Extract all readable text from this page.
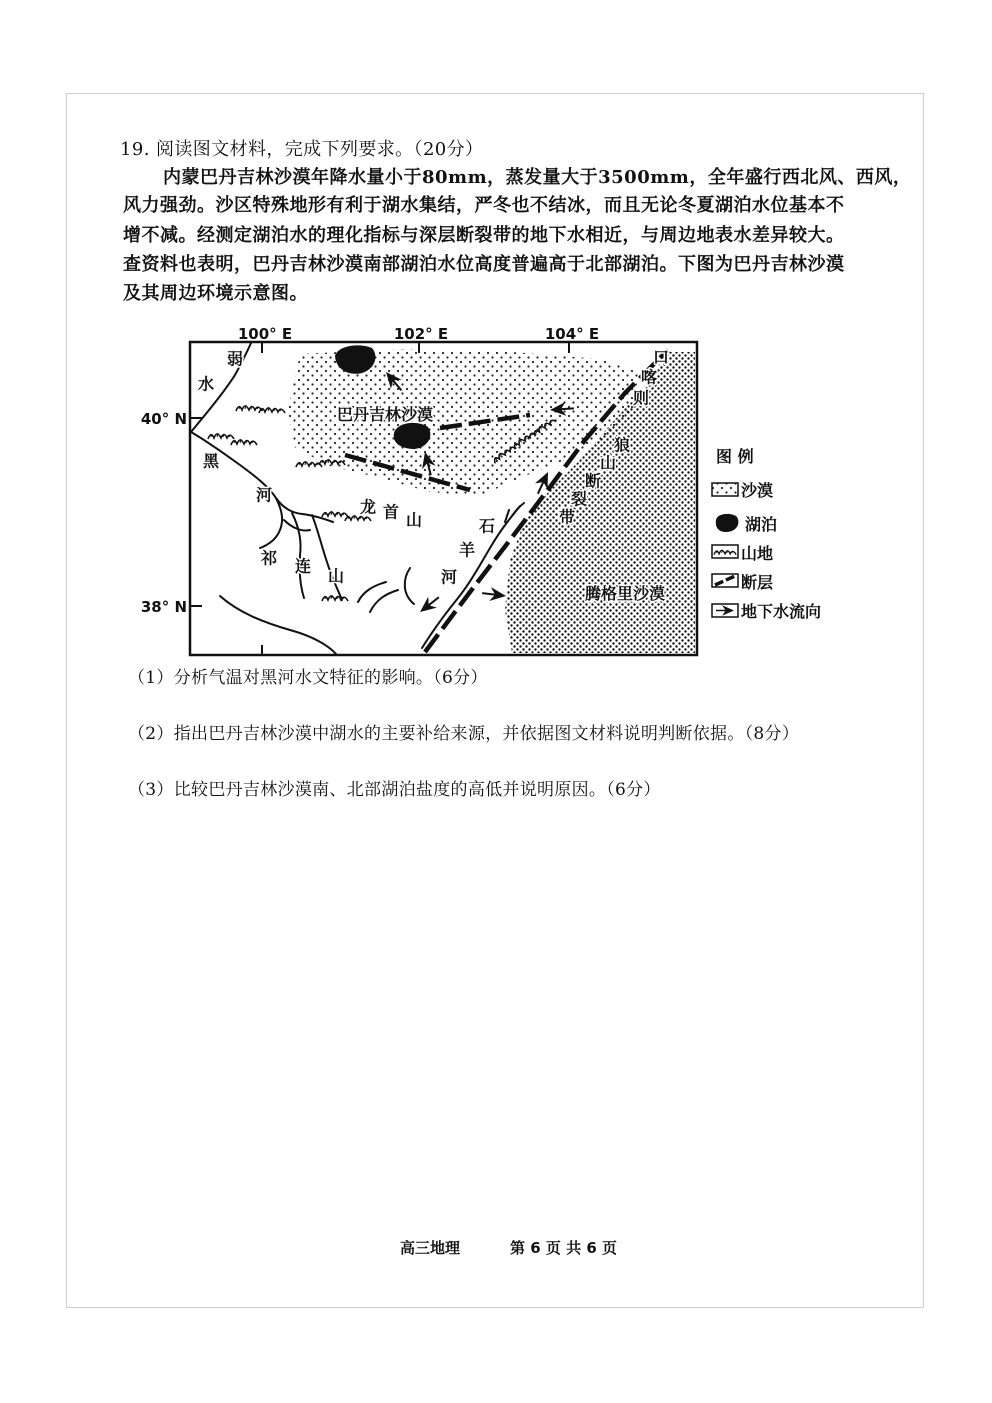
19. 阅读图文材料，完成下列要求。（20分）
内蒙巴丹吉林沙漠年降水量小于80mm，蒸发量大于3500mm，全年盛行西北风、西风，
风力强劲。沙区特殊地形有利于湖水集结，严冬也不结冰，而且无论冬夏湖泊水位基本不
增不减。经测定湖泊水的理化指标与深层断裂带的地下水相近，与周边地表水差异较大。
查资料也表明，巴丹吉林沙漠南部湖泊水位高度普遍高于北部湖泊。下图为巴丹吉林沙漠
及其周边环境示意图。
100° E	102° E	104° E
40° N
38° N
弱
水
黑
河
祁 连
山
龙 首 山	石
羊
河
巴丹吉林沙漠
狼
山
断
裂
带
口
喀
则
腾格里沙漠
图 例
沙漠
湖泊
山地
断层
地下水流向
（1）分析气温对黑河水文特征的影响。（6分）
（2）指出巴丹吉林沙漠中湖水的主要补给来源，并依据图文材料说明判断依据。（8分）
（3）比较巴丹吉林沙漠南、北部湖泊盐度的高低并说明原因。（6分）
高三地理	第 6 页 共 6 页
